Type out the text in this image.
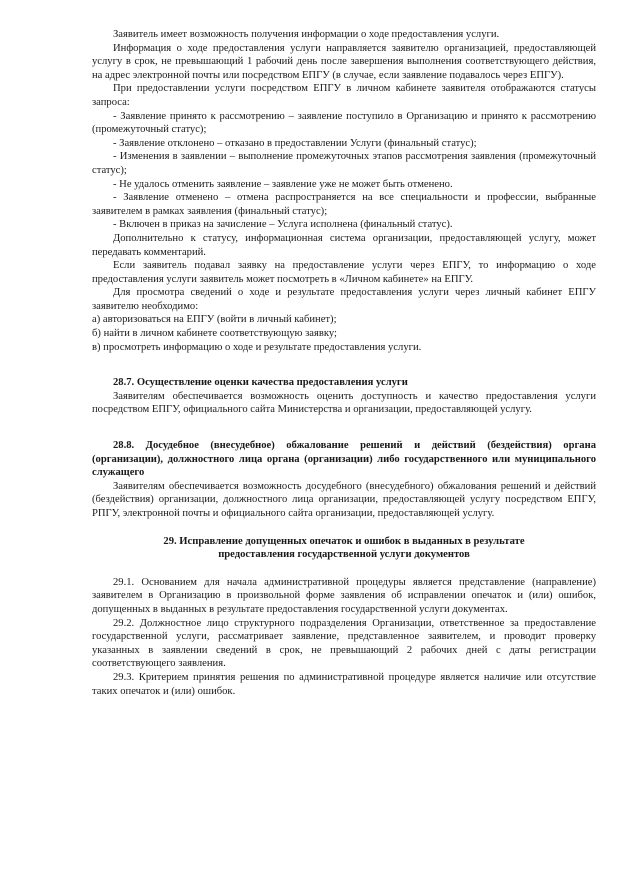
Заявитель имеет возможность получения информации о ходе предоставления услуги.

Информация о ходе предоставления услуги направляется заявителю организацией, предоставляющей услугу в срок, не превышающий 1 рабочий день после завершения выполнения соответствующего действия, на адрес электронной почты или посредством ЕПГУ (в случае, если заявление подавалось через ЕПГУ).

При предоставлении услуги посредством ЕПГУ в личном кабинете заявителя отображаются статусы запроса:

- Заявление принято к рассмотрению – заявление поступило в Организацию и принято к рассмотрению (промежуточный статус);

- Заявление отклонено – отказано в предоставлении Услуги (финальный статус);

- Изменения в заявлении – выполнение промежуточных этапов рассмотрения заявления (промежуточный статус);

- Не удалось отменить заявление – заявление уже не может быть отменено.

- Заявление отменено – отмена распространяется на все специальности и профессии, выбранные заявителем в рамках заявления (финальный статус);

- Включен в приказ на зачисление – Услуга исполнена (финальный статус).

Дополнительно к статусу, информационная система организации, предоставляющей услугу, может передавать комментарий.

Если заявитель подавал заявку на предоставление услуги через ЕПГУ, то информацию о ходе предоставления услуги заявитель может посмотреть в «Личном кабинете» на ЕПГУ.

Для просмотра сведений о ходе и результате предоставления услуги через личный кабинет ЕПГУ заявителю необходимо:

а) авторизоваться на ЕПГУ (войти в личный кабинет);

б) найти в личном кабинете соответствующую заявку;

в) просмотреть информацию о ходе и результате предоставления услуги.

28.7. Осуществление оценки качества предоставления услуги

Заявителям обеспечивается возможность оценить доступность и качество предоставления услуги посредством ЕПГУ, официального сайта Министерства и организации, предоставляющей услугу.

28.8. Досудебное (внесудебное) обжалование решений и действий (бездействия) органа (организации), должностного лица органа (организации) либо государственного или муниципального служащего

Заявителям обеспечивается возможность досудебного (внесудебного) обжалования решений и действий (бездействия) организации, должностного лица организации, предоставляющей услугу посредством ЕПГУ, РПГУ, электронной почты и официального сайта организации, предоставляющей услугу.

29. Исправление допущенных опечаток и ошибок в выданных в результате

предоставления государственной услуги документов

29.1. Основанием для начала административной процедуры является представление (направление) заявителем в Организацию в произвольной форме заявления об исправлении опечаток и (или) ошибок, допущенных в выданных в результате предоставления государственной услуги документах.

29.2. Должностное лицо структурного подразделения Организации, ответственное за предоставление государственной услуги, рассматривает заявление, представленное заявителем, и проводит проверку указанных в заявлении сведений в срок, не превышающий 2 рабочих дней с даты регистрации соответствующего заявления.

29.3. Критерием принятия решения по административной процедуре является наличие или отсутствие таких опечаток и (или) ошибок.
